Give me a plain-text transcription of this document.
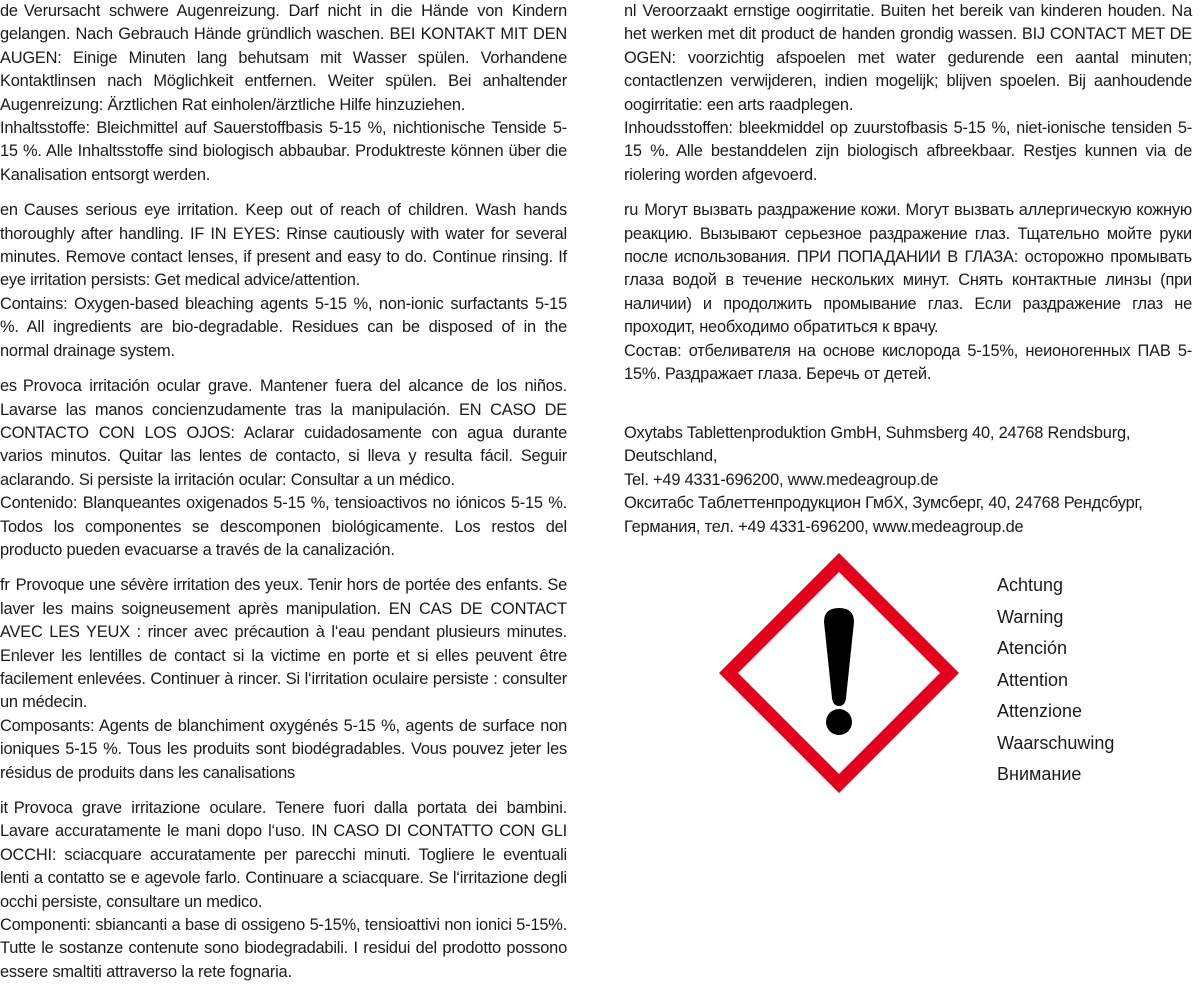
de Verursacht schwere Augenreizung. Darf nicht in die Hände von Kindern gelangen. Nach Gebrauch Hände gründlich waschen. BEI KONTAKT MIT DEN AUGEN: Einige Minuten lang behutsam mit Wasser spülen. Vorhandene Kontaktlinsen nach Möglichkeit entfernen. Weiter spülen. Bei anhaltender Augenreizung: Ärztlichen Rat einholen/ärztliche Hilfe hinzuziehen.

Inhaltsstoffe: Bleichmittel auf Sauerstoffbasis 5-15 %, nichtionische Tenside 5-15 %. Alle Inhaltsstoffe sind biologisch abbaubar. Produktreste können über die Kanalisation entsorgt werden.

en Causes serious eye irritation. Keep out of reach of children. Wash hands thoroughly after handling. IF IN EYES: Rinse cautiously with water for several minutes. Remove contact lenses, if present and easy to do. Continue rinsing. If eye irritation persists: Get medical advice/attention.

Contains: Oxygen-based bleaching agents 5-15 %, non-ionic surfactants 5-15 %. All ingredients are bio-degradable. Residues can be disposed of in the normal drainage system.

es Provoca irritación ocular grave. Mantener fuera del alcance de los niños. Lavarse las manos concienzudamente tras la manipulación. EN CASO DE CONTACTO CON LOS OJOS: Aclarar cuidadosamente con agua durante varios minutos. Quitar las lentes de contacto, si lleva y resulta fácil. Seguir aclarando. Si persiste la irritación ocular: Consultar a un médico.

Contenido: Blanqueantes oxigenados 5-15 %, tensioactivos no iónicos 5-15 %. Todos los componentes se descomponen biológicamente. Los restos del producto pueden evacuarse a través de la canalización.

fr Provoque une sévère irritation des yeux. Tenir hors de portée des enfants. Se laver les mains soigneusement après manipulation. EN CAS DE CONTACT AVEC LES YEUX : rincer avec précaution à l‘eau pendant plusieurs minutes. Enlever les lentilles de contact si la victime en porte et si elles peuvent être facilement enlevées. Continuer à rincer. Si l‘irritation oculaire persiste : consulter un médecin.

Composants: Agents de blanchiment oxygénés 5-15 %, agents de surface non ioniques 5-15 %. Tous les produits sont biodégradables. Vous pouvez jeter les résidus de produits dans les canalisations

it Provoca grave irritazione oculare. Tenere fuori dalla portata dei bambini. Lavare accuratamente le mani dopo l‘uso. IN CASO DI CONTATTO CON GLI OCCHI: sciacquare accuratamente per parecchi minuti. Togliere le eventuali lenti a contatto se e agevole farlo. Continuare a sciacquare. Se l‘irritazione degli occhi persiste, consultare un medico.

Componenti: sbiancanti a base di ossigeno 5-15%, tensioattivi non ionici 5-15%. Tutte le sostanze contenute sono biodegradabili. I residui del prodotto possono essere smaltiti attraverso la rete fognaria.

nl Veroorzaakt ernstige oogirritatie. Buiten het bereik van kinderen houden. Na het werken met dit product de handen grondig wassen. BIJ CONTACT MET DE OGEN: voorzichtig afspoelen met water gedurende een aantal minuten; contactlenzen verwijderen, indien mogelijk; blijven spoelen. Bij aanhoudende oogirritatie: een arts raadplegen.

Inhoudsstoffen: bleekmiddel op zuurstofbasis 5-15 %, niet-ionische tensiden 5-15 %. Alle bestanddelen zijn biologisch afbreekbaar. Restjes kunnen via de riolering worden afgevoerd.

ru Могут вызвать раздражение кожи. Могут вызвать аллергическую кожную реакцию. Вызывают серьезное раздражение глаз. Тщательно мойте руки после использования. ПРИ ПОПАДАНИИ В ГЛАЗА: осторожно промывать глаза водой в течение нескольких минут. Снять контактные линзы (при наличии) и продолжить промывание глаз. Если раздражение глаз не проходит, необходимо обратиться к врачу.

Состав: отбеливателя на основе кислорода 5-15%, неионогенных ПАВ 5-15%. Раздражает глаза. Беречь от детей.

Oxytabs Tablettenproduktion GmbH, Suhmsberg 40, 24768 Rendsburg, Deutschland,

Tel. +49 4331-696200, www.medeagroup.de

Окситабс Таблеттенпродукцион ГмбХ, Зумсберг, 40, 24768 Рендсбург,

Германия, тел. +49 4331-696200, www.medeagroup.de

Achtung
Warning
Atención
Attention
Attenzione
Waarschuwing
Внимание
